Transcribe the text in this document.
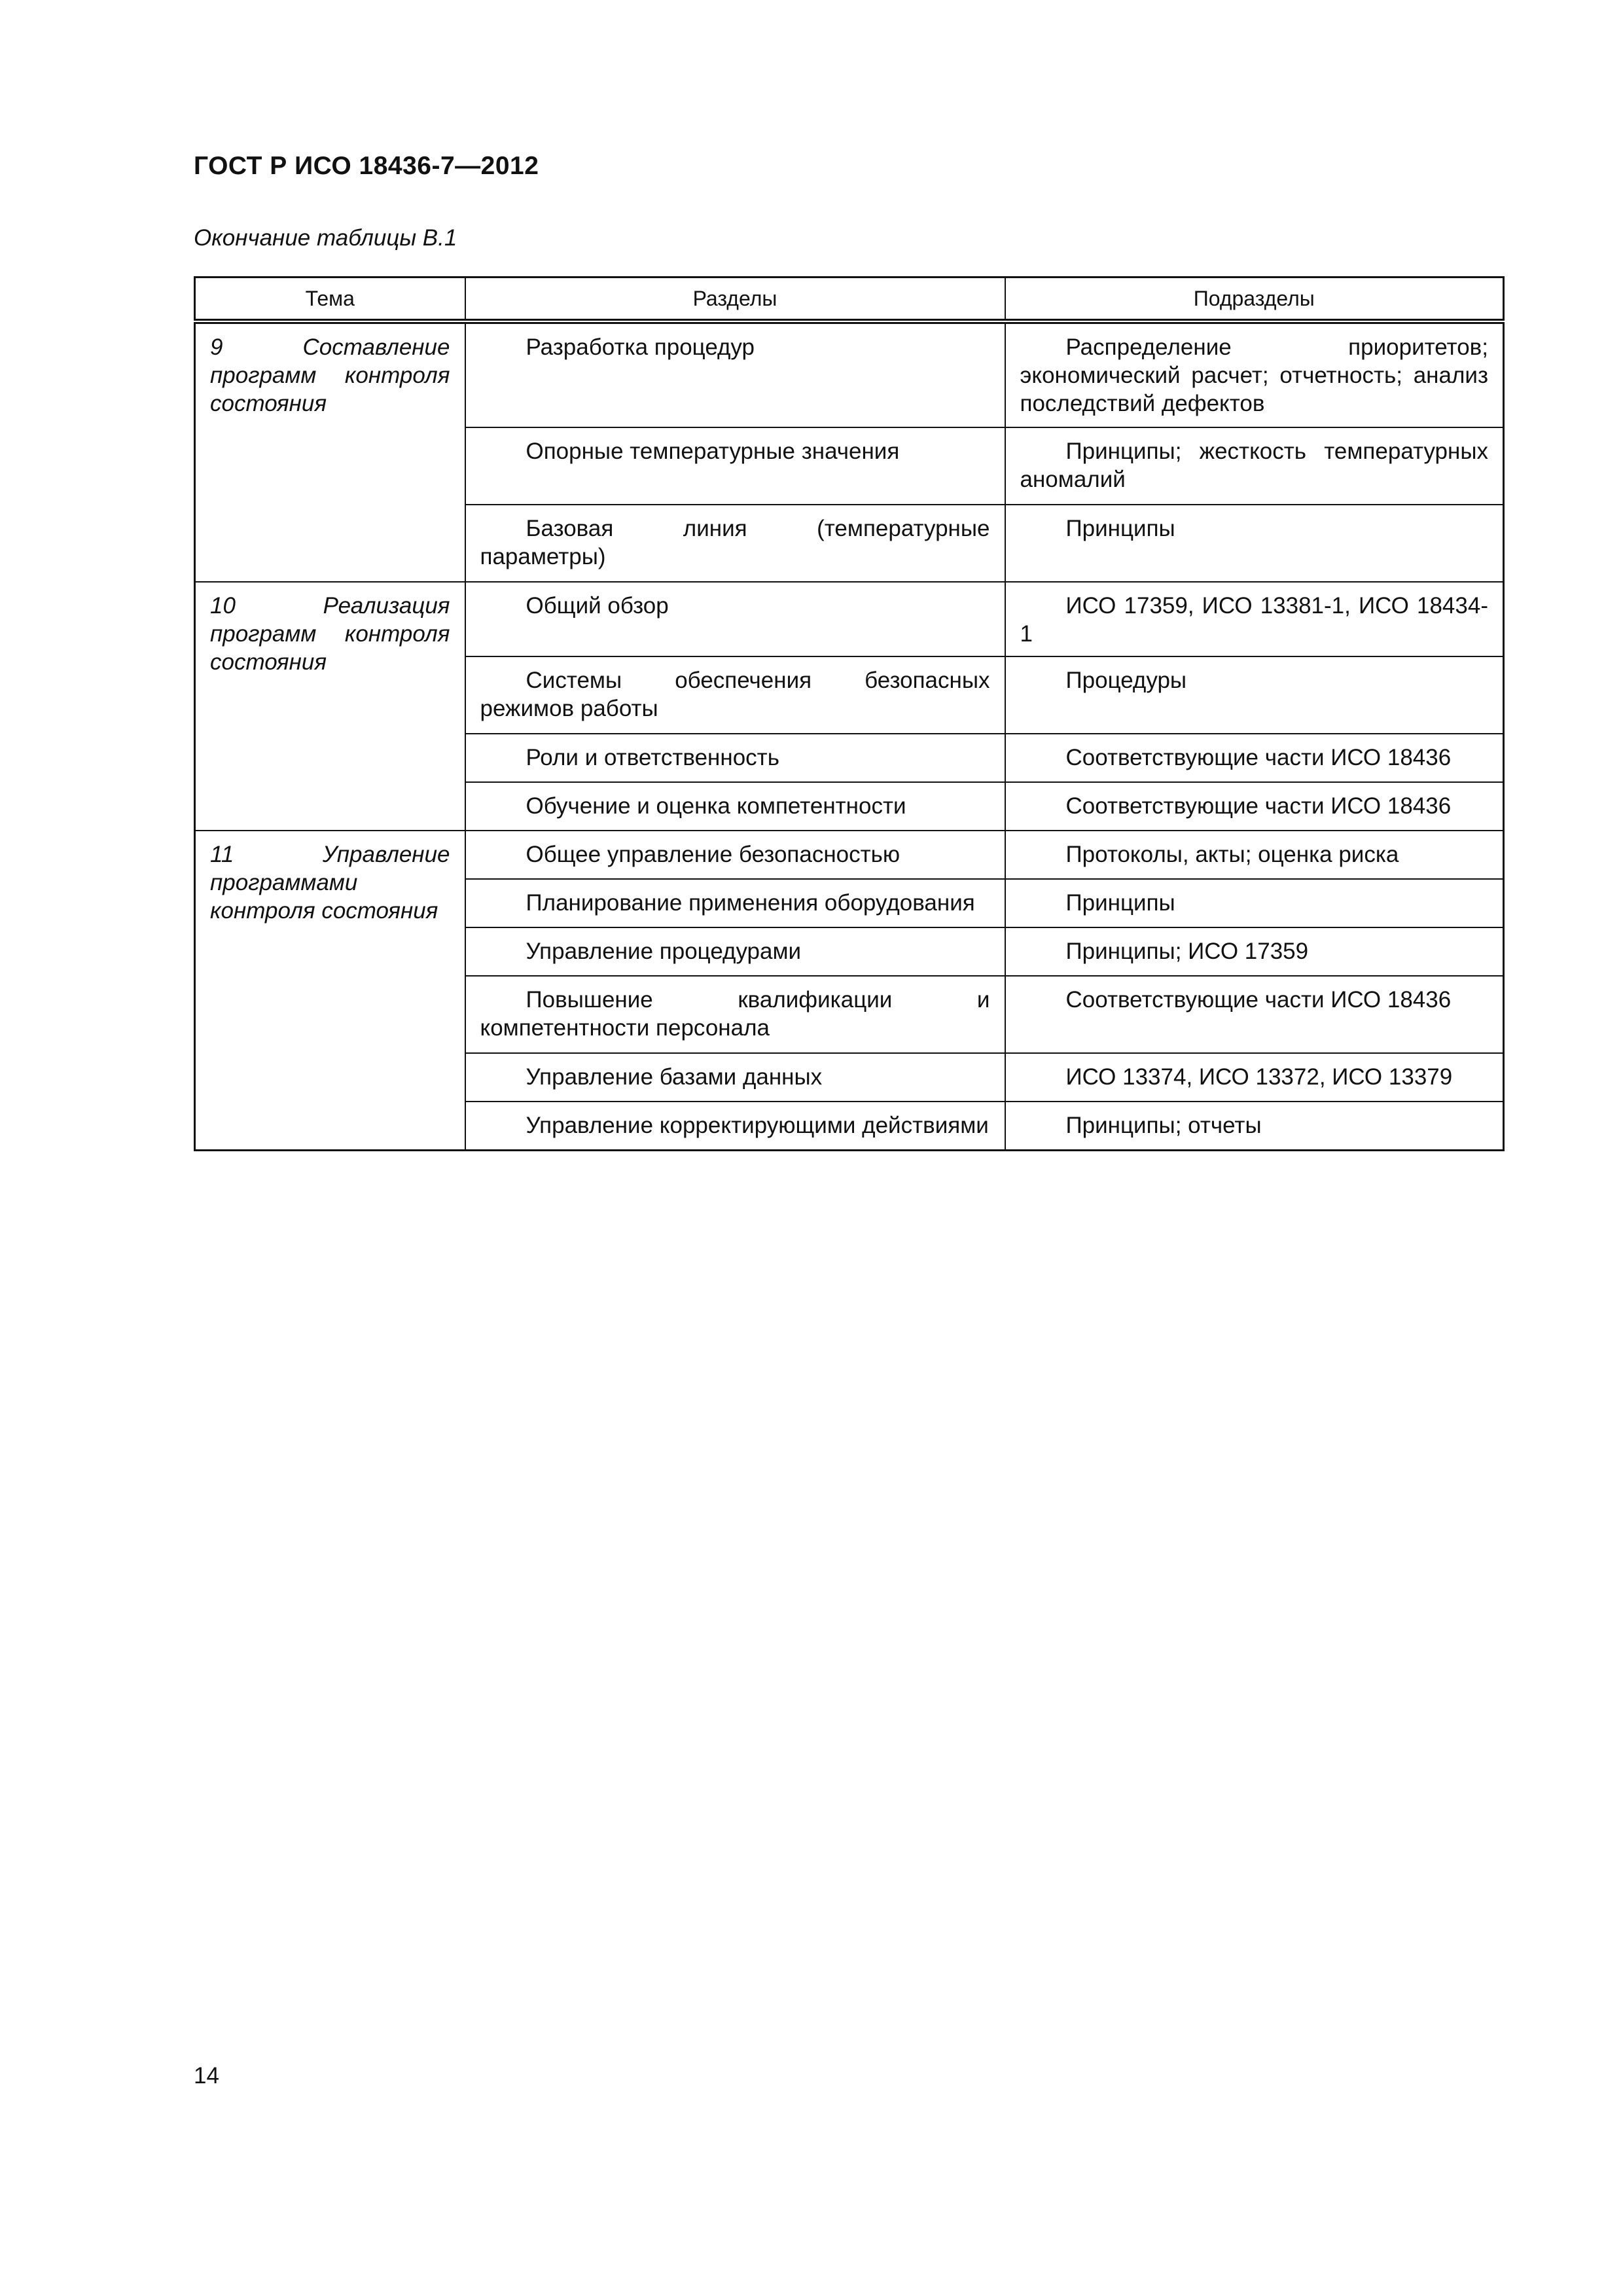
ГОСТ Р ИСО 18436-7—2012
Окончание таблицы В.1
Тема	Разделы	Подразделы
9 Составление программ контроля состояния	Разработка процедур	Распределение приоритетов; экономический расчет; отчетность; анализ последствий дефектов
	Опорные температурные значения	Принципы; жесткость температурных аномалий
	Базовая линия (температурные параметры)	Принципы
10 Реализация программ контроля состояния	Общий обзор	ИСО 17359, ИСО 13381-1, ИСО 18434-1
	Системы обеспечения безопасных режимов работы	Процедуры
	Роли и ответственность	Соответствующие части ИСО 18436
	Обучение и оценка компетентности	Соответствующие части ИСО 18436
11 Управление программами контроля состояния	Общее управление безопасностью	Протоколы, акты; оценка риска
	Планирование применения оборудования	Принципы
	Управление процедурами	Принципы; ИСО 17359
	Повышение квалификации и компетентности персонала	Соответствующие части ИСО 18436
	Управление базами данных	ИСО 13374, ИСО 13372, ИСО 13379
	Управление корректирующими действиями	Принципы; отчеты
14
